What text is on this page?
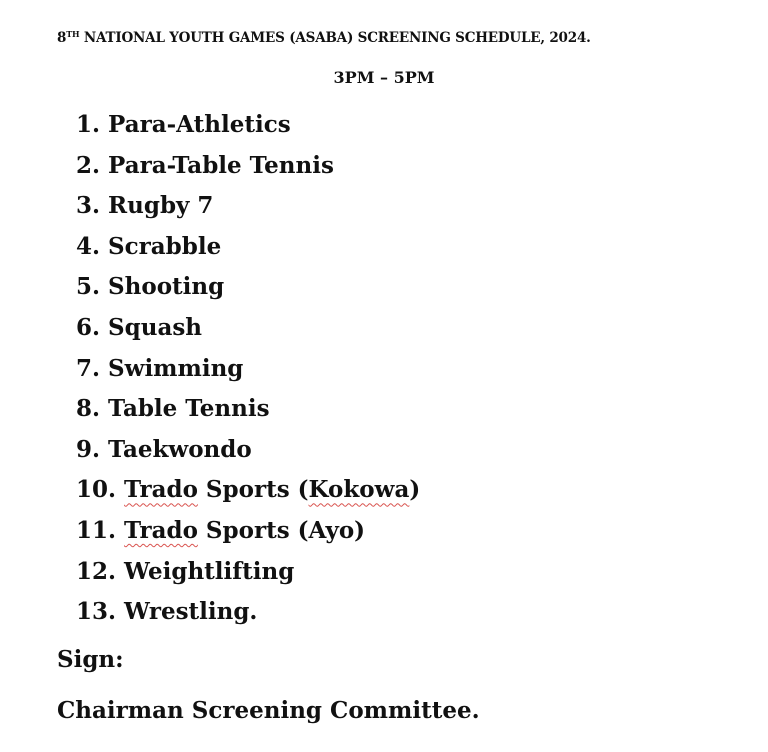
8TH NATIONAL YOUTH GAMES (ASABA) SCREENING SCHEDULE, 2024.
3PM – 5PM
1. Para-Athletics
2. Para-Table Tennis
3. Rugby 7
4. Scrabble
5. Shooting
6. Squash
7. Swimming
8. Table Tennis
9. Taekwondo
10. Trado Sports (Kokowa)
11. Trado Sports (Ayo)
12. Weightlifting
13. Wrestling.
Sign:
Chairman Screening Committee.
